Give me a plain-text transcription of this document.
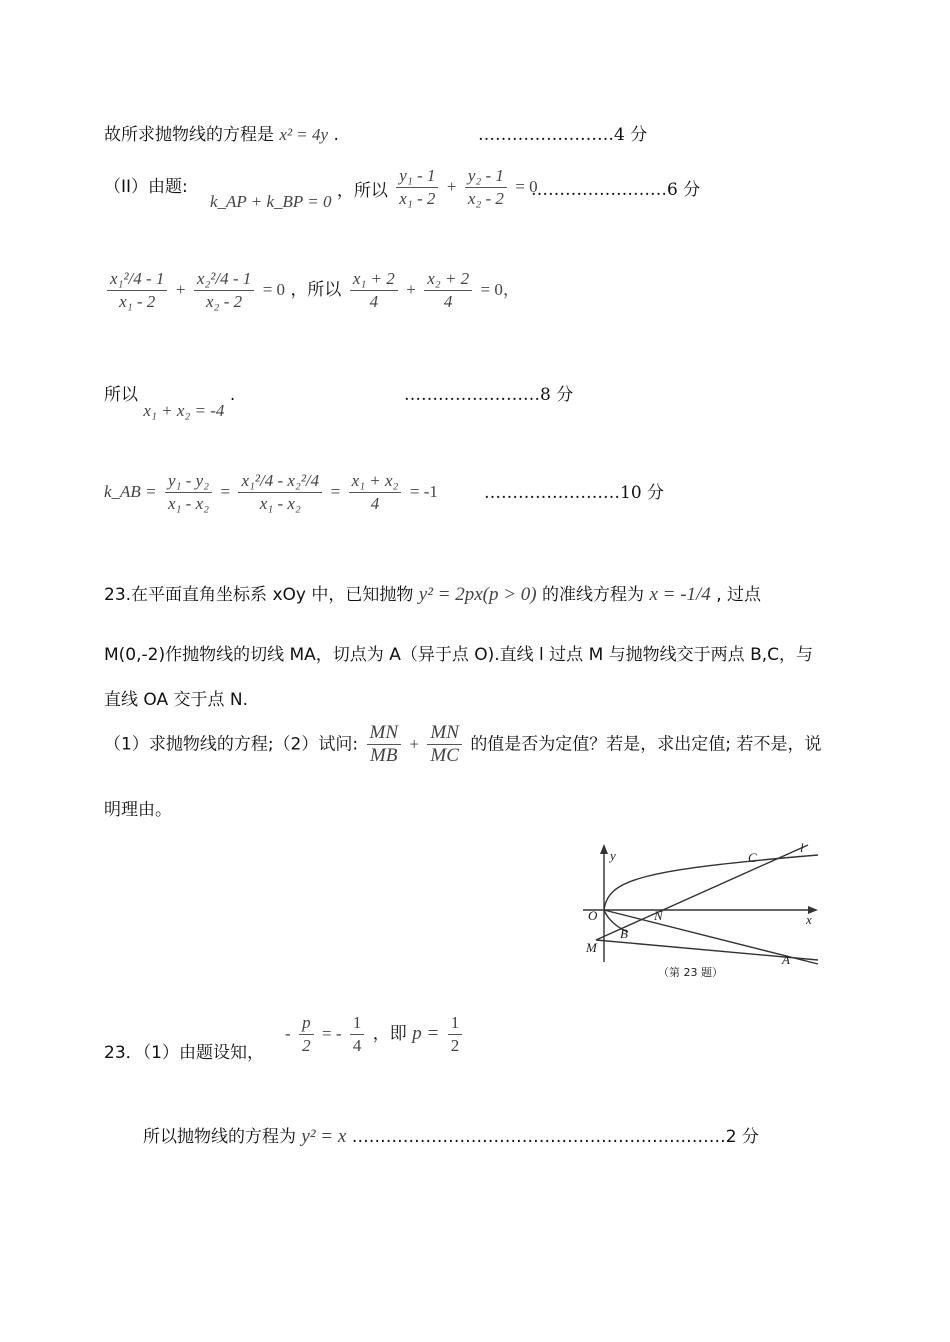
故所求抛物线的方程是 x² = 4y .	……………………4 分
（II）由题:
k_AP + k_BP = 0 ，所以 $\frac{\text{y₁ - 1}}{\text{x₁ - 2}} + \frac{\text{y₂ - 1}}{\text{x₂ - 2}} = 0$
……………………6 分
$\frac{\text{x₁²/4 - 1}}{\text{x₁ - 2}} + \frac{\text{x₂²/4 - 1}}{\text{x₂ - 2}} = 0$ ，所以 $\frac{\text{x₁ + 2}}{4} + \frac{\text{x₂ + 2}}{4} = 0$，
所以 x₁ + x₂ = -4 .	……………………8 分
k_AB = $\frac{\text{y₁ - y₂}}{\text{x₁ - x₂}} = \frac{\text{x₁²/4 - x₂²/4}}{\text{x₁ - x₂}} = \frac{\text{x₁ + x₂}}{4} = -1$	……………………10 分
23.在平面直角坐标系 xOy 中，已知抛物 y² = 2px(p > 0) 的准线方程为 x = -1/4 , 过点
M(0,-2)作抛物线的切线 MA，切点为 A（异于点 O).直线 l 过点 M 与抛物线交于两点 B,C，与
直线 OA 交于点 N.
（1）求抛物线的方程;（2）试问: $\frac{MN}{MB} + \frac{MN}{MC}$ 的值是否为定值？若是，求出定值; 若不是，说
明理由。
y
x
O
M
B
N
C
A
l
（第 23 题）
23．（1）由题设知，
- $\frac{p}{2}$ = - $\frac{1}{4}$ ，即 $p = \frac{1}{2}$
所以抛物线的方程为 y² = x …………………………………………………………2 分
